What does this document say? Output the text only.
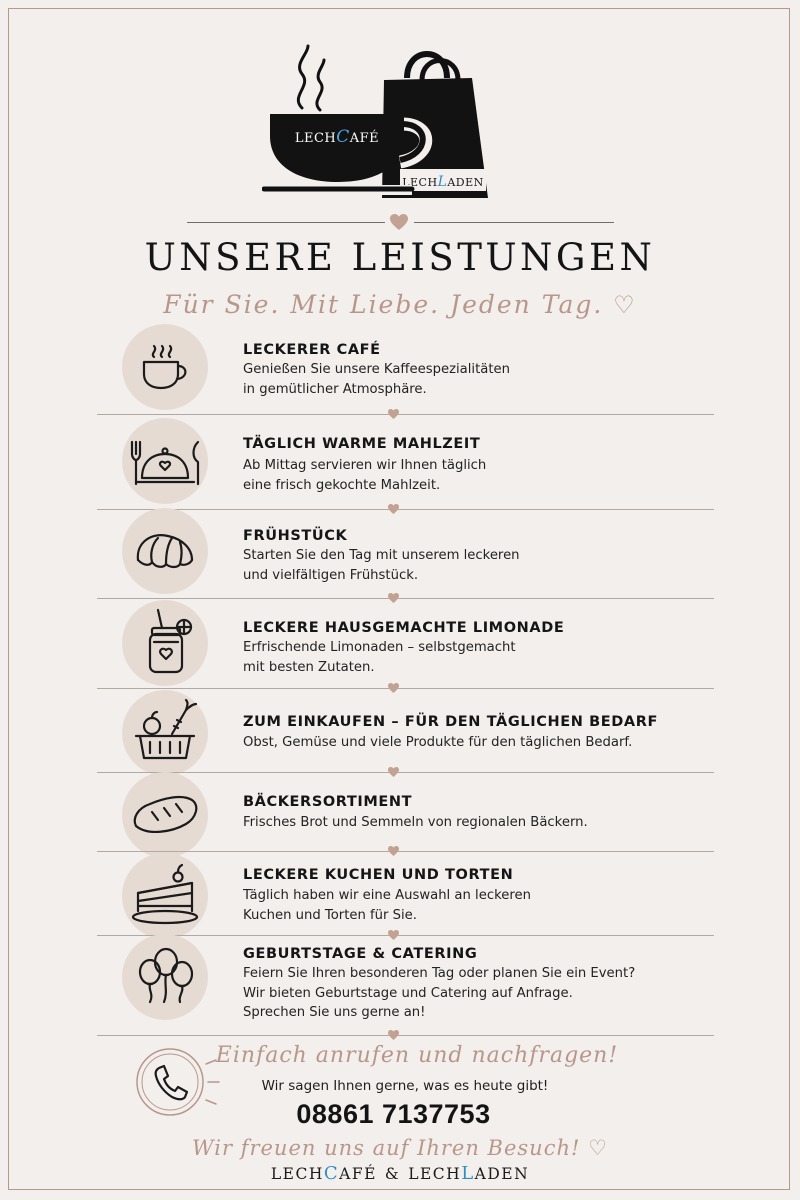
LECHLADEN
LECHCAFÉ
UNSERE LEISTUNGEN
Für Sie. Mit Liebe. Jeden Tag. ♡
LECKERER CAFÉ
Genießen Sie unsere Kaffeespezialitäten
in gemütlicher Atmosphäre.
TÄGLICH WARME MAHLZEIT
Ab Mittag servieren wir Ihnen täglich
eine frisch gekochte Mahlzeit.
FRÜHSTÜCK
Starten Sie den Tag mit unserem leckeren
und vielfältigen Frühstück.
LECKERE HAUSGEMACHTE LIMONADE
Erfrischende Limonaden – selbstgemacht
mit besten Zutaten.
ZUM EINKAUFEN – FÜR DEN TÄGLICHEN BEDARF
Obst, Gemüse und viele Produkte für den täglichen Bedarf.
BÄCKERSORTIMENT
Frisches Brot und Semmeln von regionalen Bäckern.
LECKERE KUCHEN UND TORTEN
Täglich haben wir eine Auswahl an leckeren
Kuchen und Torten für Sie.
GEBURTSTAGE & CATERING
Feiern Sie Ihren besonderen Tag oder planen Sie ein Event?
Wir bieten Geburtstage und Catering auf Anfrage.
Sprechen Sie uns gerne an!
Einfach anrufen und nachfragen!
Wir sagen Ihnen gerne, was es heute gibt!
08861 7137753
Wir freuen uns auf Ihren Besuch! ♡
LECHCAFÉ & LECHLADEN
